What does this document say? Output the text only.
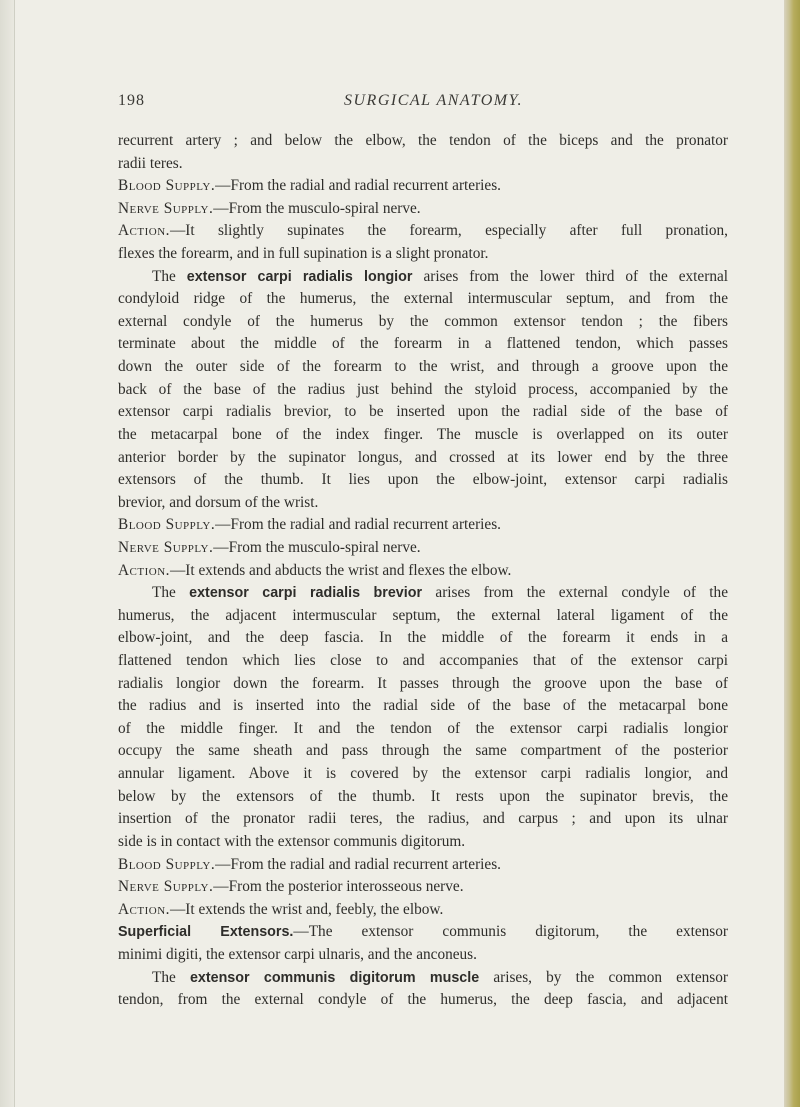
198	SURGICAL ANATOMY.
recurrent artery ; and below the elbow, the tendon of the biceps and the pronator
radii teres.
Blood Supply.—From the radial and radial recurrent arteries.
Nerve Supply.—From the musculo-spiral nerve.
Action.—It slightly supinates the forearm, especially after full pronation,
flexes the forearm, and in full supination is a slight pronator.
The extensor carpi radialis longior arises from the lower third of the external
condyloid ridge of the humerus, the external intermuscular septum, and from the
external condyle of the humerus by the common extensor tendon ; the fibers
terminate about the middle of the forearm in a flattened tendon, which passes
down the outer side of the forearm to the wrist, and through a groove upon the
back of the base of the radius just behind the styloid process, accompanied by the
extensor carpi radialis brevior, to be inserted upon the radial side of the base of
the metacarpal bone of the index finger. The muscle is overlapped on its outer
anterior border by the supinator longus, and crossed at its lower end by the three
extensors of the thumb. It lies upon the elbow-joint, extensor carpi radialis
brevior, and dorsum of the wrist.
Blood Supply.—From the radial and radial recurrent arteries.
Nerve Supply.—From the musculo-spiral nerve.
Action.—It extends and abducts the wrist and flexes the elbow.
The extensor carpi radialis brevior arises from the external condyle of the
humerus, the adjacent intermuscular septum, the external lateral ligament of the
elbow-joint, and the deep fascia. In the middle of the forearm it ends in a
flattened tendon which lies close to and accompanies that of the extensor carpi
radialis longior down the forearm. It passes through the groove upon the base of
the radius and is inserted into the radial side of the base of the metacarpal bone
of the middle finger. It and the tendon of the extensor carpi radialis longior
occupy the same sheath and pass through the same compartment of the posterior
annular ligament. Above it is covered by the extensor carpi radialis longior, and
below by the extensors of the thumb. It rests upon the supinator brevis, the
insertion of the pronator radii teres, the radius, and carpus ; and upon its ulnar
side is in contact with the extensor communis digitorum.
Blood Supply.—From the radial and radial recurrent arteries.
Nerve Supply.—From the posterior interosseous nerve.
Action.—It extends the wrist and, feebly, the elbow.
Superficial Extensors.—The extensor communis digitorum, the extensor
minimi digiti, the extensor carpi ulnaris, and the anconeus.
The extensor communis digitorum muscle arises, by the common extensor
tendon, from the external condyle of the humerus, the deep fascia, and adjacent
